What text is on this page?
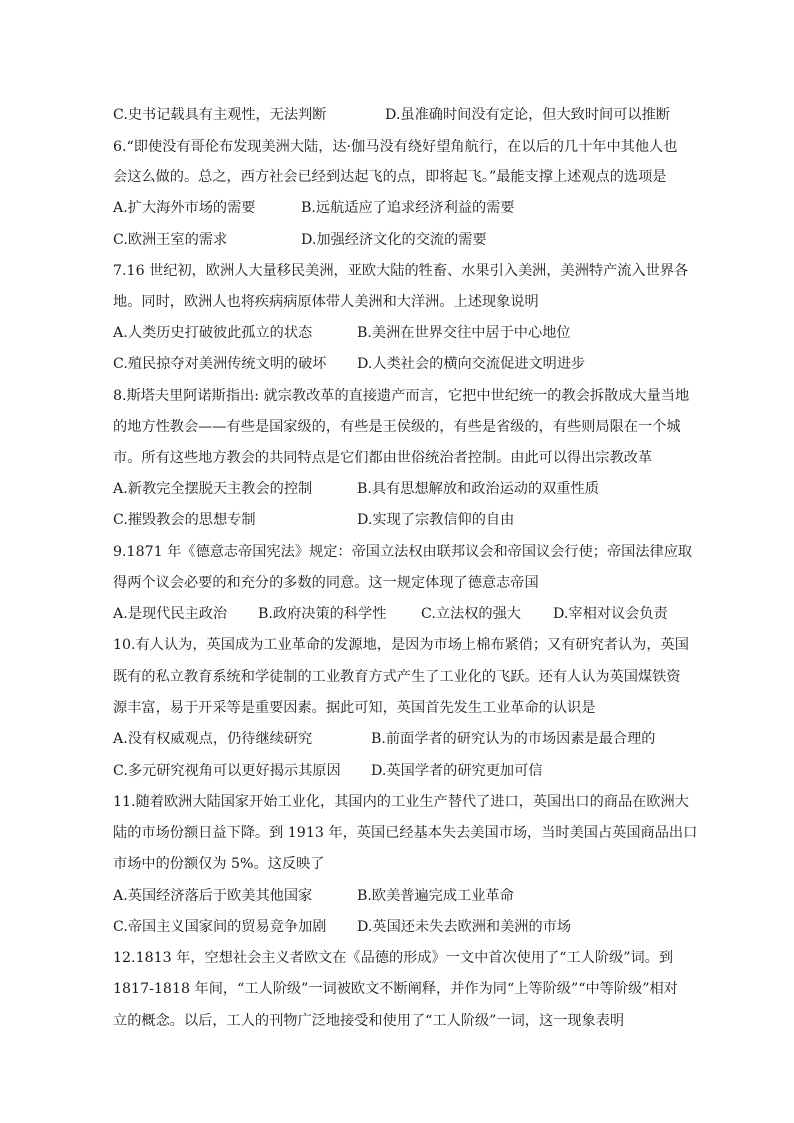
C.史书记载具有主观性，无法判断	D.虽准确时间没有定论，但大致时间可以推断
6.“即使没有哥伦布发现美洲大陆，达·伽马没有绕好望角航行，在以后的几十年中其他人也
会这么做的。总之，西方社会已经到达起飞的点，即将起飞。”最能支撑上述观点的选项是
A.扩大海外市场的需要	B.远航适应了追求经济利益的需要
C.欧洲王室的需求	D.加强经济文化的交流的需要
7.16 世纪初，欧洲人大量移民美洲，亚欧大陆的牲畜、水果引入美洲，美洲特产流入世界各
地。同时，欧洲人也将疾病病原体带人美洲和大洋洲。上述现象说明
A.人类历史打破彼此孤立的状态	B.美洲在世界交往中居于中心地位
C.殖民掠夺对美洲传统文明的破坏 D.人类社会的横向交流促进文明进步
8.斯塔夫里阿诺斯指出: 就宗教改革的直接遗产而言，它把中世纪统一的教会拆散成大量当地
的地方性教会——有些是国家级的，有些是王侯级的，有些是省级的，有些则局限在一个城
市。所有这些地方教会的共同特点是它们都由世俗统治者控制。由此可以得出宗教改革
A.新教完全摆脱天主教会的控制	B.具有思想解放和政治运动的双重性质
C.摧毁教会的思想专制	D.实现了宗教信仰的自由
9.1871 年《德意志帝国宪法》规定：帝国立法权由联邦议会和帝国议会行使；帝国法律应取
得两个议会必要的和充分的多数的同意。这一规定体现了德意志帝国
A.是现代民主政治 B.政府决策的科学性 C.立法权的强大 D.宰相对议会负责
10.有人认为，英国成为工业革命的发源地，是因为市场上棉布紧俏；又有研究者认为，英国
既有的私立教育系统和学徒制的工业教育方式产生了工业化的飞跃。还有人认为英国煤铁资
源丰富，易于开采等是重要因素。据此可知，英国首先发生工业革命的认识是
A.没有权威观点，仍待继续研究	B.前面学者的研究认为的市场因素是最合理的
C.多元研究视角可以更好揭示其原因 D.英国学者的研究更加可信
11.随着欧洲大陆国家开始工业化，其国内的工业生产替代了进口，英国出口的商品在欧洲大
陆的市场份额日益下降。到 1913 年，英国已经基本失去美国市场，当时美国占英国商品出口
市场中的份额仅为 5%。这反映了
A.英国经济落后于欧美其他国家	B.欧美普遍完成工业革命
C.帝国主义国家间的贸易竞争加剧 D.英国还未失去欧洲和美洲的市场
12.1813 年，空想社会主义者欧文在《品德的形成》一文中首次使用了“工人阶级”词。到
1817-1818 年间，“工人阶级”一词被欧文不断阐释，并作为同“上等阶级”“中等阶级”相对
立的概念。以后，工人的刊物广泛地接受和使用了“工人阶级”一词，这一现象表明
